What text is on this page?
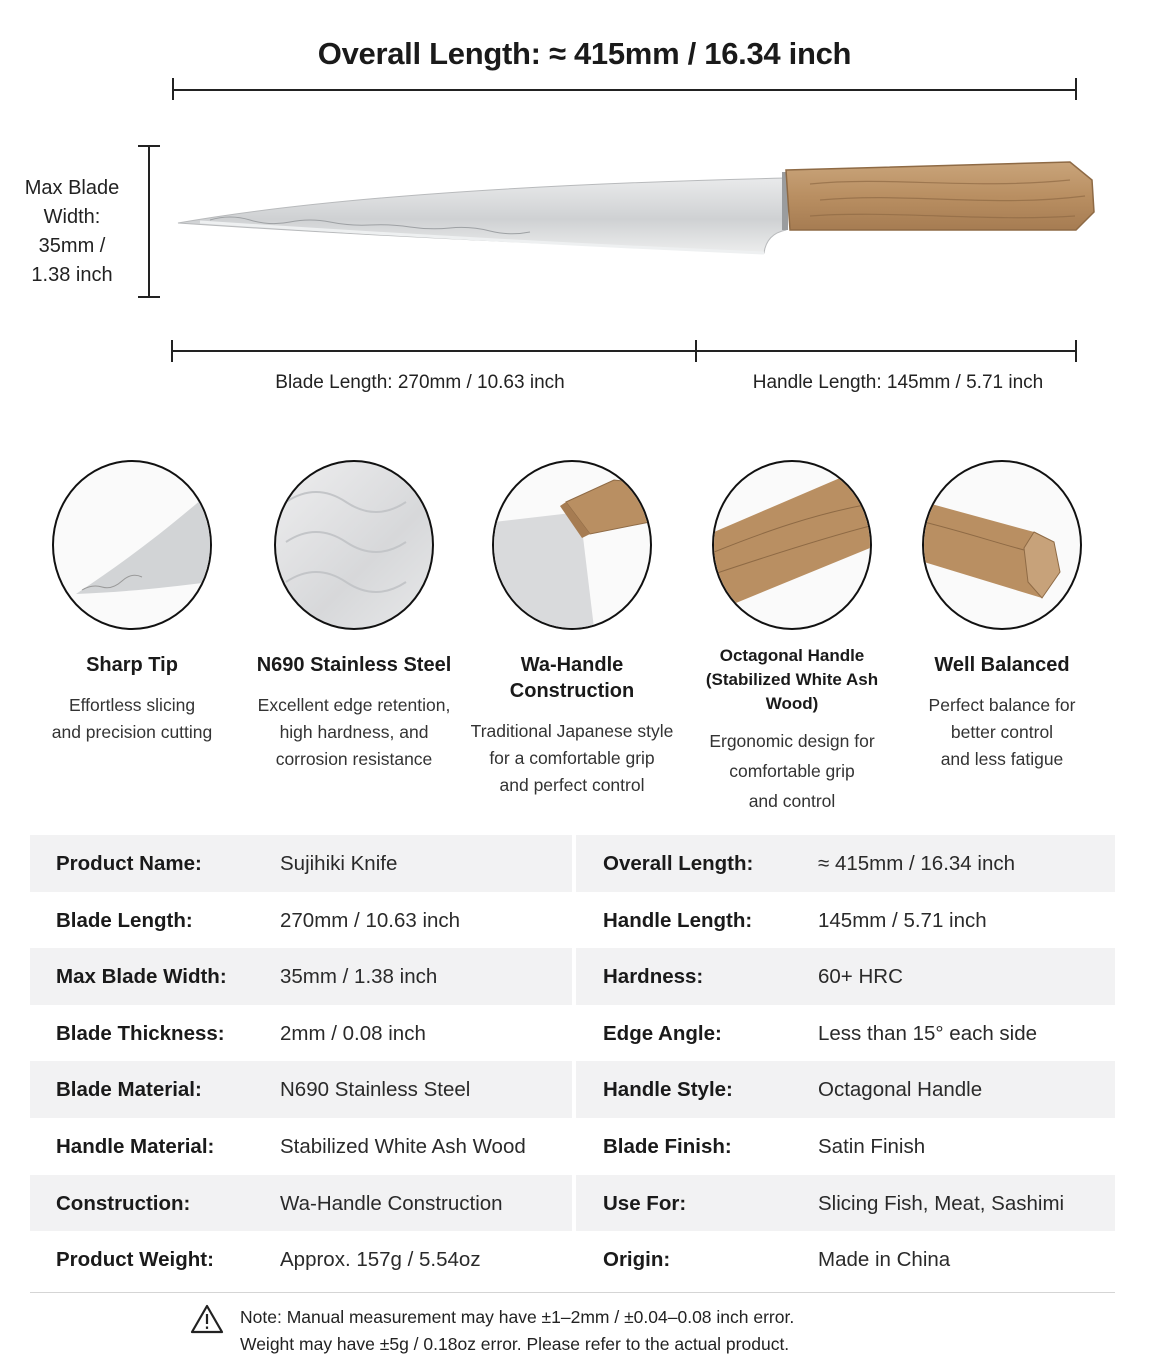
Overall Length: ≈ 415mm / 16.34 inch
Max Blade
Width:
35mm /
1.38 inch
Blade Length: 270mm / 10.63 inch	Handle Length: 145mm / 5.71 inch
Sharp Tip
Effortless slicing
and precision cutting
N690 Stainless Steel
Excellent edge retention,
high hardness, and
corrosion resistance
Wa-Handle Construction
Traditional Japanese style
for a comfortable grip
and perfect control
Octagonal Handle
(Stabilized White Ash Wood)
Ergonomic design for
comfortable grip
and control
Well Balanced
Perfect balance for
better control
and less fatigue
Product Name:	Sujihiki Knife	Overall Length:	≈ 415mm / 16.34 inch
Blade Length:	270mm / 10.63 inch	Handle Length:	145mm / 5.71 inch
Max Blade Width:	35mm / 1.38 inch	Hardness:	60+ HRC
Blade Thickness:	2mm / 0.08 inch	Edge Angle:	Less than 15° each side
Blade Material:	N690 Stainless Steel	Handle Style:	Octagonal Handle
Handle Material:	Stabilized White Ash Wood	Blade Finish:	Satin Finish
Construction:	Wa-Handle Construction	Use For:	Slicing Fish, Meat, Sashimi
Product Weight:	Approx. 157g / 5.54oz	Origin:	Made in China
Note: Manual measurement may have ±1–2mm / ±0.04–0.08 inch error.
Weight may have ±5g / 0.18oz error. Please refer to the actual product.
